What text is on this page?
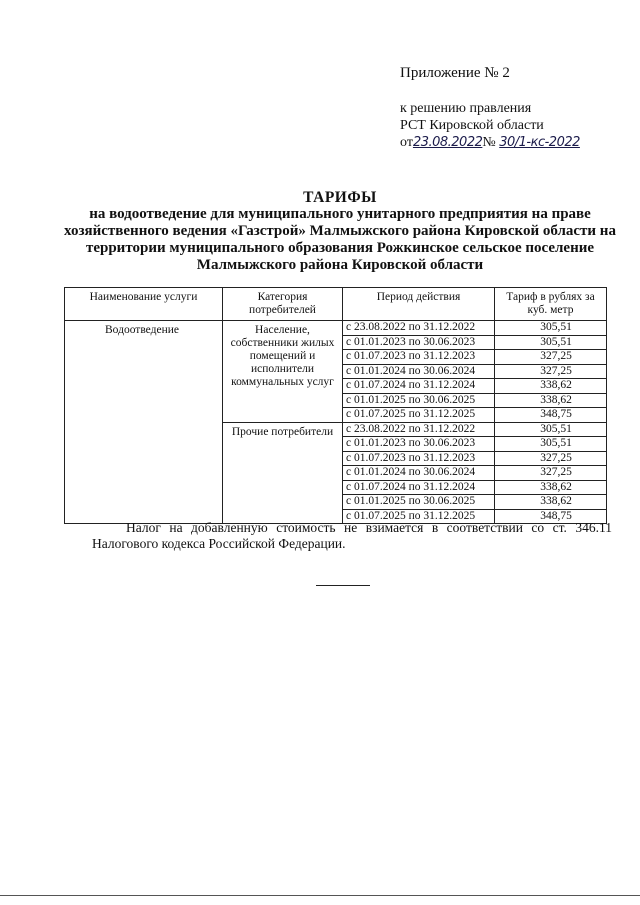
Приложение № 2
к решению правления
РСТ Кировской области
от23.08.2022№ 30/1-кс-2022
ТАРИФЫ
на водоотведение для муниципального унитарного предприятия на праве хозяйственного ведения «Газстрой» Малмыжского района Кировской области на территории муниципального образования Рожкинское сельское поселение Малмыжского района Кировской области
Наименование услуги	Категория потребителей	Период действия	Тариф в рублях за куб. метр
Водоотведение	Население, собственники жилых помещений и исполнители коммунальных услуг	с 23.08.2022 по 31.12.2022	305,51
		с 01.01.2023 по 30.06.2023	305,51
		с 01.07.2023 по 31.12.2023	327,25
		с 01.01.2024 по 30.06.2024	327,25
		с 01.07.2024 по 31.12.2024	338,62
		с 01.01.2025 по 30.06.2025	338,62
		с 01.07.2025 по 31.12.2025	348,75
	Прочие потребители	с 23.08.2022 по 31.12.2022	305,51
		с 01.01.2023 по 30.06.2023	305,51
		с 01.07.2023 по 31.12.2023	327,25
		с 01.01.2024 по 30.06.2024	327,25
		с 01.07.2024 по 31.12.2024	338,62
		с 01.01.2025 по 30.06.2025	338,62
		с 01.07.2025 по 31.12.2025	348,75

Налог на добавленную стоимость не взимается в соответствии со ст. 346.11

Налогового кодекса Российской Федерации.
